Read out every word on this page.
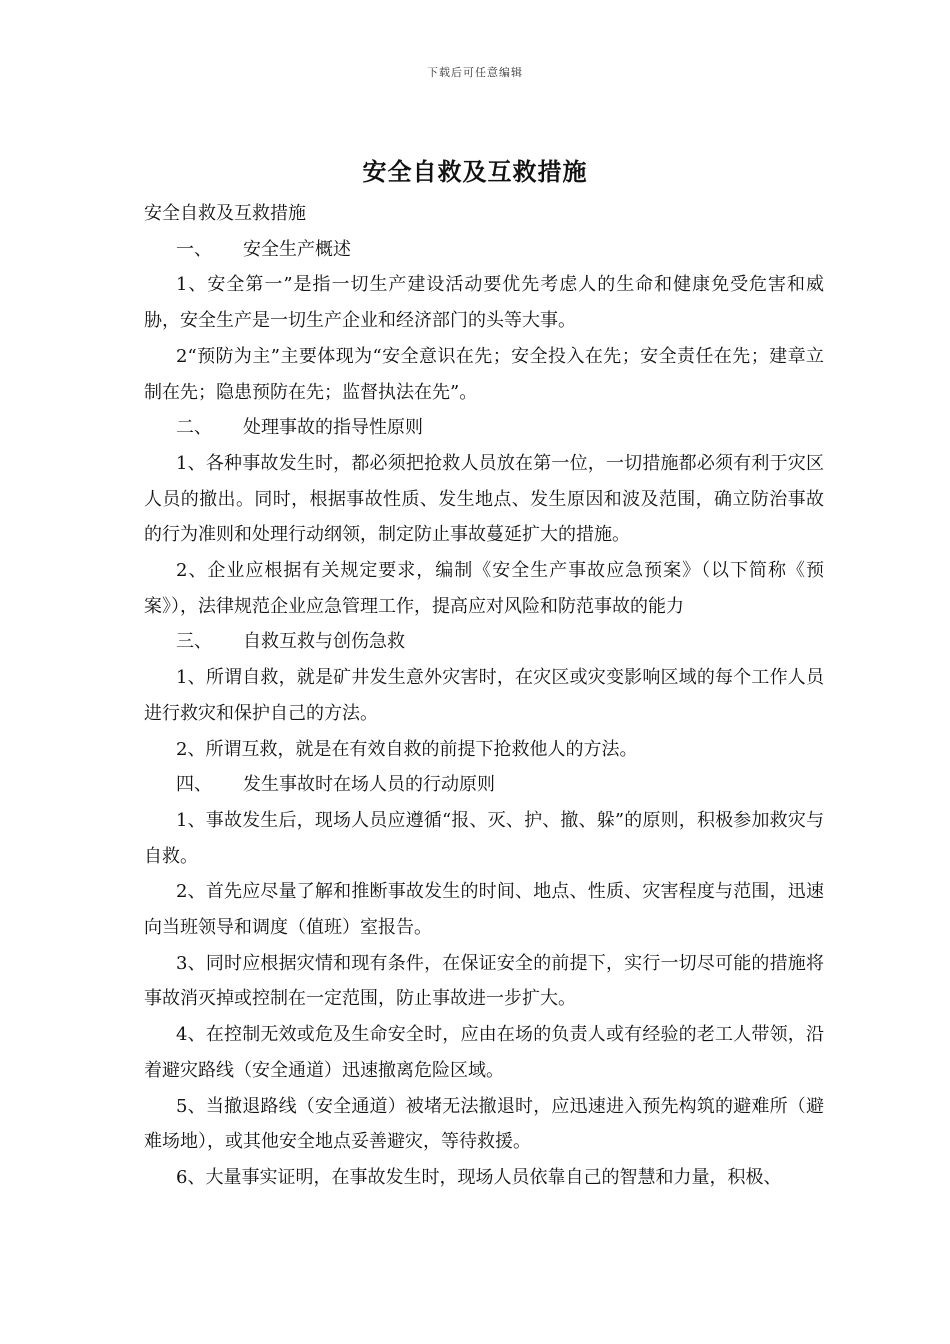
下载后可任意编辑
安全自救及互救措施

安全自救及互救措施

一、 安全生产概述

1、安全第一”是指一切生产建设活动要优先考虑人的生命和健康免受危害和威胁，安全生产是一切生产企业和经济部门的头等大事。

2“预防为主”主要体现为“安全意识在先；安全投入在先；安全责任在先；建章立制在先；隐患预防在先；监督执法在先”。

二、 处理事故的指导性原则

1、各种事故发生时，都必须把抢救人员放在第一位，一切措施都必须有利于灾区人员的撤出。同时，根据事故性质、发生地点、发生原因和波及范围，确立防治事故的行为准则和处理行动纲领，制定防止事故蔓延扩大的措施。

2、企业应根据有关规定要求，编制《安全生产事故应急预案》（以下简称《预案》），法律规范企业应急管理工作，提高应对风险和防范事故的能力

三、 自救互救与创伤急救

1、所谓自救，就是矿井发生意外灾害时，在灾区或灾变影响区域的每个工作人员进行救灾和保护自己的方法。

2、所谓互救，就是在有效自救的前提下抢救他人的方法。

四、 发生事故时在场人员的行动原则

1、事故发生后，现场人员应遵循“报、灭、护、撤、躲”的原则，积极参加救灾与自救。

2、首先应尽量了解和推断事故发生的时间、地点、性质、灾害程度与范围，迅速向当班领导和调度（值班）室报告。

3、同时应根据灾情和现有条件，在保证安全的前提下，实行一切尽可能的措施将事故消灭掉或控制在一定范围，防止事故进一步扩大。

4、在控制无效或危及生命安全时，应由在场的负责人或有经验的老工人带领，沿着避灾路线（安全通道）迅速撤离危险区域。

5、当撤退路线（安全通道）被堵无法撤退时，应迅速进入预先构筑的避难所（避难场地），或其他安全地点妥善避灾，等待救援。

6、大量事实证明，在事故发生时，现场人员依靠自己的智慧和力量，积极、
